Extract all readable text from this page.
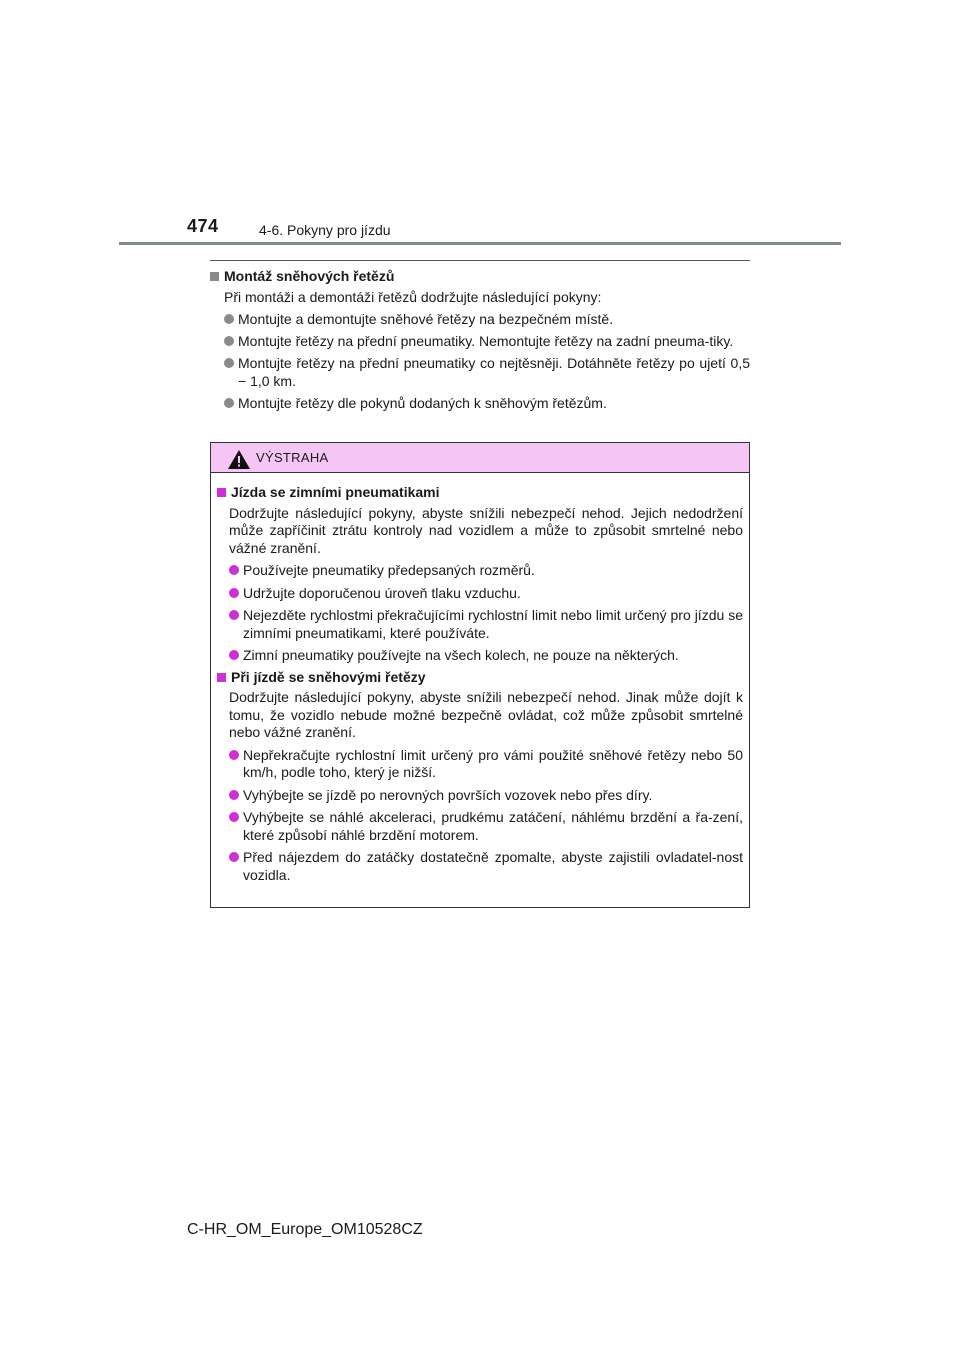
474	4-6. Pokyny pro jízdu

Montáž sněhových řetězů

Při montáži a demontáži řetězů dodržujte následující pokyny:

Montujte a demontujte sněhové řetězy na bezpečném místě.

Montujte řetězy na přední pneumatiky. Nemontujte řetězy na zadní pneuma-tiky.

Montujte řetězy na přední pneumatiky co nejtěsněji. Dotáhněte řetězy po ujetí 0,5 − 1,0 km.

Montujte řetězy dle pokynů dodaných k sněhovým řetězům.

VÝSTRAHA

Jízda se zimními pneumatikami

Dodržujte následující pokyny, abyste snížili nebezpečí nehod. Jejich nedodržení může zapříčinit ztrátu kontroly nad vozidlem a může to způsobit smrtelné nebo vážné zranění.

Používejte pneumatiky předepsaných rozměrů.

Udržujte doporučenou úroveň tlaku vzduchu.

Nejezděte rychlostmi překračujícími rychlostní limit nebo limit určený pro jízdu se zimními pneumatikami, které používáte.

Zimní pneumatiky používejte na všech kolech, ne pouze na některých.

Při jízdě se sněhovými řetězy

Dodržujte následující pokyny, abyste snížili nebezpečí nehod. Jinak může dojít k tomu, že vozidlo nebude možné bezpečně ovládat, což může způsobit smrtelné nebo vážné zranění.

Nepřekračujte rychlostní limit určený pro vámi použité sněhové řetězy nebo 50 km/h, podle toho, který je nižší.

Vyhýbejte se jízdě po nerovných površích vozovek nebo přes díry.

Vyhýbejte se náhlé akceleraci, prudkému zatáčení, náhlému brzdění a řa-zení, které způsobí náhlé brzdění motorem.

Před nájezdem do zatáčky dostatečně zpomalte, abyste zajistili ovladatel-nost vozidla.

C-HR_OM_Europe_OM10528CZ
